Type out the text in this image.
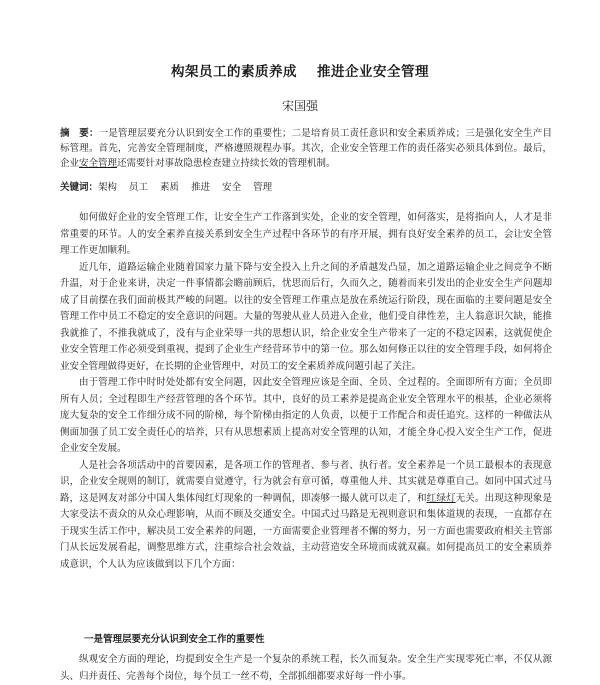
构架员工的素质养成 推进企业安全管理
宋国强
摘　要：一是管理层要充分认识到安全工作的重要性；二是培育员工责任意识和安全素质养成；三是强化安全生产目标管理。首先，完善安全管理制度，严格遵照规程办事。其次，企业安全管理工作的责任落实必须具体到位。最后，企业安全管理还需要针对事故隐患检查建立持续长效的管理机制。
关键词：架构 员工 素质 推进 安全 管理

如何做好企业的安全管理工作，让安全生产工作落到实处，企业的安全管理，如何落实，是将指向人，人才是非常重要的环节。人的安全素养直接关系到安全生产过程中各环节的有序开展，拥有良好安全素养的员工，会让安全管理工作更加顺利。

近几年，道路运输企业随着国家力量下降与安全投入上升之间的矛盾越发凸显，加之道路运输企业之间竞争不断升温，对于企业来讲，决定一件事情都会瞻前顾后，忧思而后行，久而久之，随着而来引发出的企业安全生产问题却成了目前摆在我们面前极其严峻的问题。以往的安全管理工作重点是放在系统运行阶段，现在面临的主要问题是安全管理工作中员工不稳定的安全意识的问题。大量的驾驶从业人员进入企业，他们受自律性差，主人翁意识欠缺，能推我就推了，不推我就成了，没有与企业荣辱一共的思想认识，给企业安全生产带来了一定的不稳定因素，这就促使企业安全管理工作必须受到重视，提到了企业生产经营环节中的第一位。那么如何修正以往的安全管理手段，如何将企业安全管理做得更好，在长期的企业管理中，对员工的安全素质养成问题引起了关注。

由于管理工作中时时处处都有安全问题，因此安全管理应该是全面、全员、全过程的。全面即所有方面；全员即所有人员；全过程即生产经营管理的各个环节。其中，良好的员工素养是提高企业安全管理水平的根基，企业必须将庞大复杂的安全工作细分成不同的阶梯，每个阶梯由指定的人负责，以便于工作配合和责任追究。这样的一种做法从侧面加强了员工安全责任心的培养，只有从思想素质上提高对安全管理的认知，才能全身心投入安全生产工作，促进企业安全发展。

人是社会各项活动中的首要因素，是各项工作的管理者、参与者、执行者。安全素养是一个员工最根本的表现意识，企业安全规则的制订，就需要自觉遵守，行为就会有章可循，尊重他人并、其实就是尊重自己。如同中国式过马路，这是网友对部分中国人集体闯红灯现象的一种调侃，即凑够一撮人就可以走了，和红绿灯无关。出现这种现象是大家受法不责众的从众心理影响，从而不顾及交通安全。中国式过马路是无视则意识和集体道规的表现，一直都存在于现实生活工作中，解决员工安全素养的问题，一方面需要企业管理者不懈的努力，另一方面也需要政府相关主管部门从长远发展看起，调整思维方式，注重综合社会效益，主动营造安全环境而成就双赢。如何提高员工的安全素质养成意识，个人认为应该做到以下几个方面：

一是管理层要充分认识到安全工作的重要性
纵观安全方面的理论，均提到安全生产是一个复杂的系统工程，长久而复杂。安全生产实现零死亡率，不仅从源头、归并责任、完善每个岗位，每个员工一丝不苟，全部抓细都要求好每一件小事。
